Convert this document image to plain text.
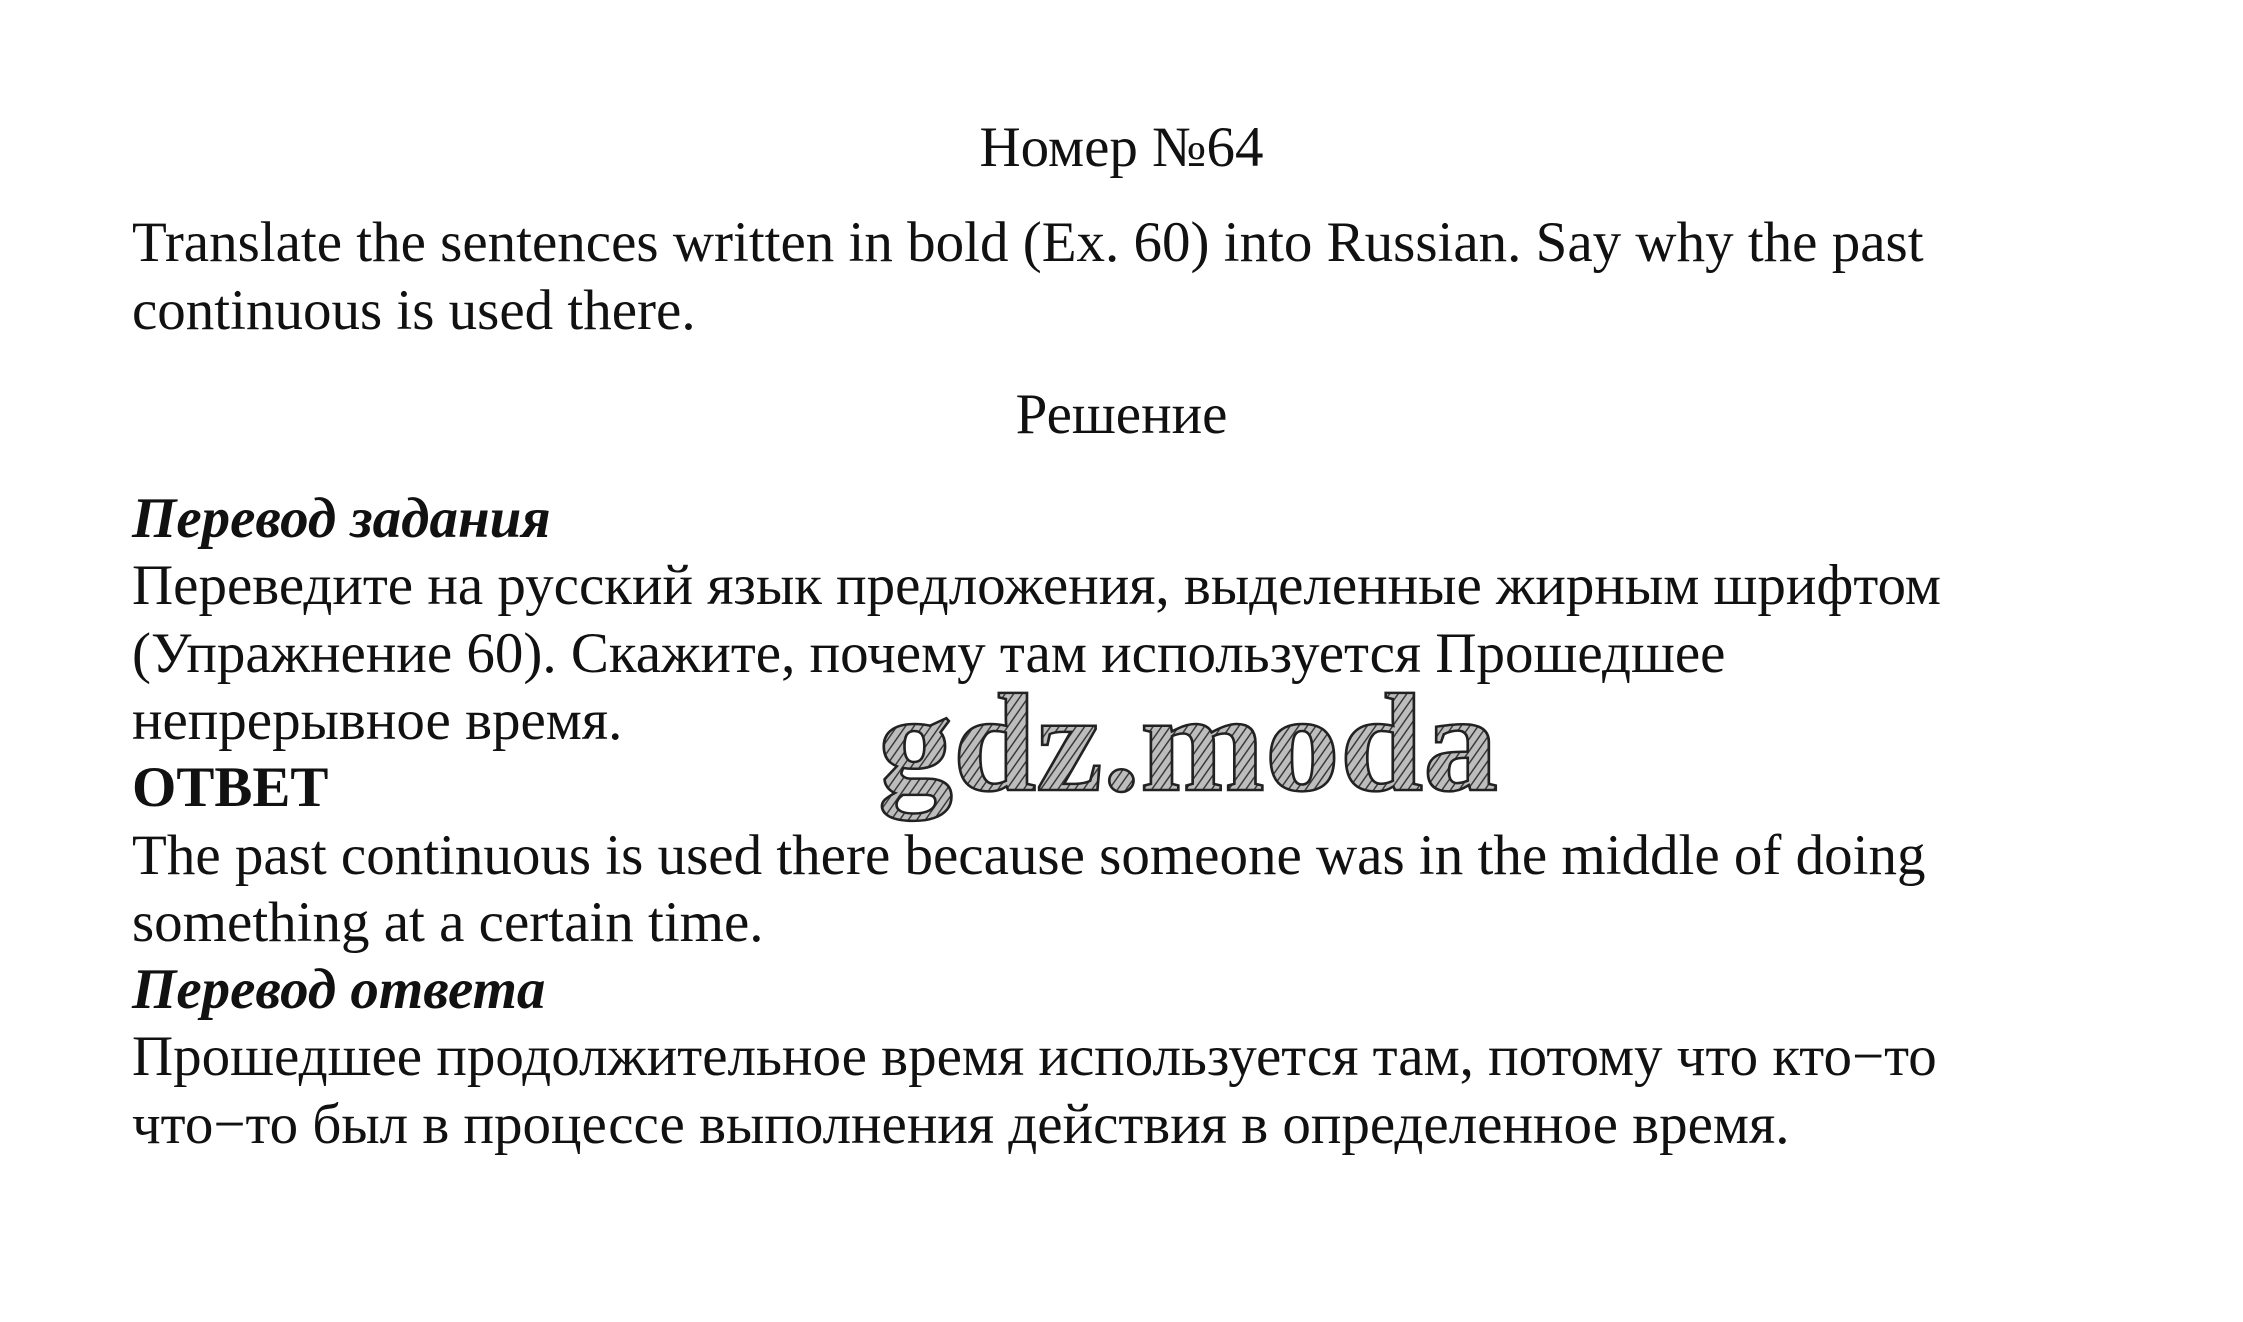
Номер №64
Translate the sentences written in bold (Ex. 60) into Russian. Say why the past
continuous is used there.
Решение
Перевод задания
Переведите на русский язык предложения, выделенные жирным шрифтом
(Упражнение 60). Скажите, почему там используется Прошедшее
непрерывное время.
ОТВЕТ
The past continuous is used there because someone was in the middle of doing
something at a certain time.
Перевод ответа
Прошедшее продолжительное время используется там, потому что кто−то
что−то был в процессе выполнения действия в определенное время.
gdz.moda
